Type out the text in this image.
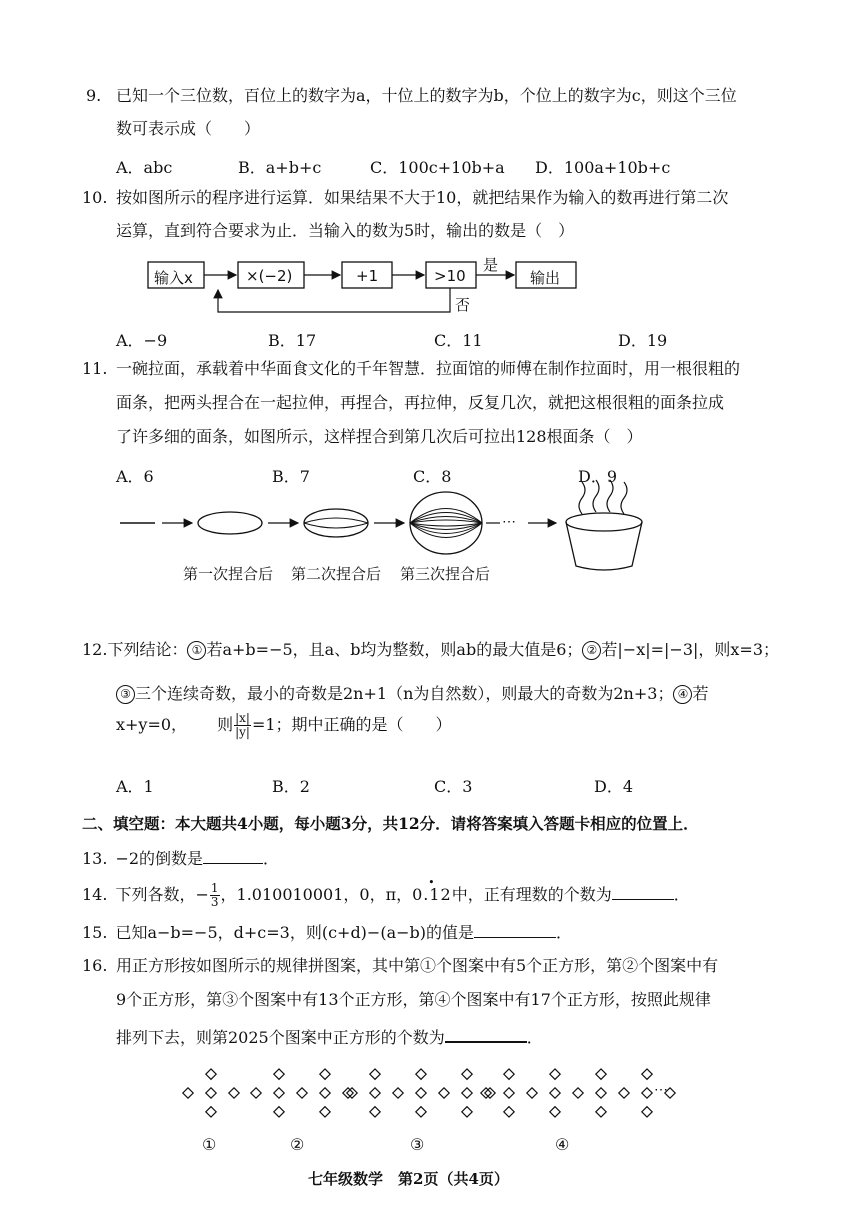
9. 已知一个三位数，百位上的数字为a，十位上的数字为b，个位上的数字为c，则这个三位
数可表示成（　　）
A．abc	B．a+b+c	C．100c+10b+a D．100a+10b+c
10. 按如图所示的程序进行运算．如果结果不大于10，就把结果作为输入的数再进行第二次
运算，直到符合要求为止．当输入的数为5时，输出的数是（　）
输入x	×(−2)	+1	>10
是
否
输出
A．−9	B．17	C．11	D．19
11. 一碗拉面，承载着中华面食文化的千年智慧．拉面馆的师傅在制作拉面时，用一根很粗的
面条，把两头捏合在一起拉伸，再捏合，再拉伸，反复几次，就把这根很粗的面条拉成
了许多细的面条，如图所示，这样捏合到第几次后可拉出128根面条（　）
A．6	B．7	C．8	D．9
⋯
第一次捏合后 第二次捏合后 第三次捏合后
12.下列结论： ① 若a+b=−5，且a、b均为整数，则ab的最大值是6； ② 若|−x|=|−3|，则x=3；
③ 三个连续奇数，最小的奇数是2n+1（n为自然数），则最大的奇数为2n+3； ④ 若
x+y=0， 则 $\frac{|x|}{|y|} =1$；期中正确的是（　　）
A．1	B．2	C．3	D．4
二、填空题：本大题共4小题，每小题3分，共12分．请将答案填入答题卡相应的位置上．
13. −2的倒数是	．
14. 下列各数，− $\frac{1}{3}$ ，1.010010001，0，π，• 0.12中，正有理数的个数为	．
15. 已知a−b=−5，d+c=3，则(c+d)−(a−b)的值是	．
16. 用正方形按如图所示的规律拼图案，其中第①个图案中有5个正方形，第②个图案中有
9个正方形，第③个图案中有13个正方形，第④个图案中有17个正方形，按照此规律
排列下去，则第2025个图案中正方形的个数为	．
⋯
①	②	③	④
七年级数学　第2页（共4页）
